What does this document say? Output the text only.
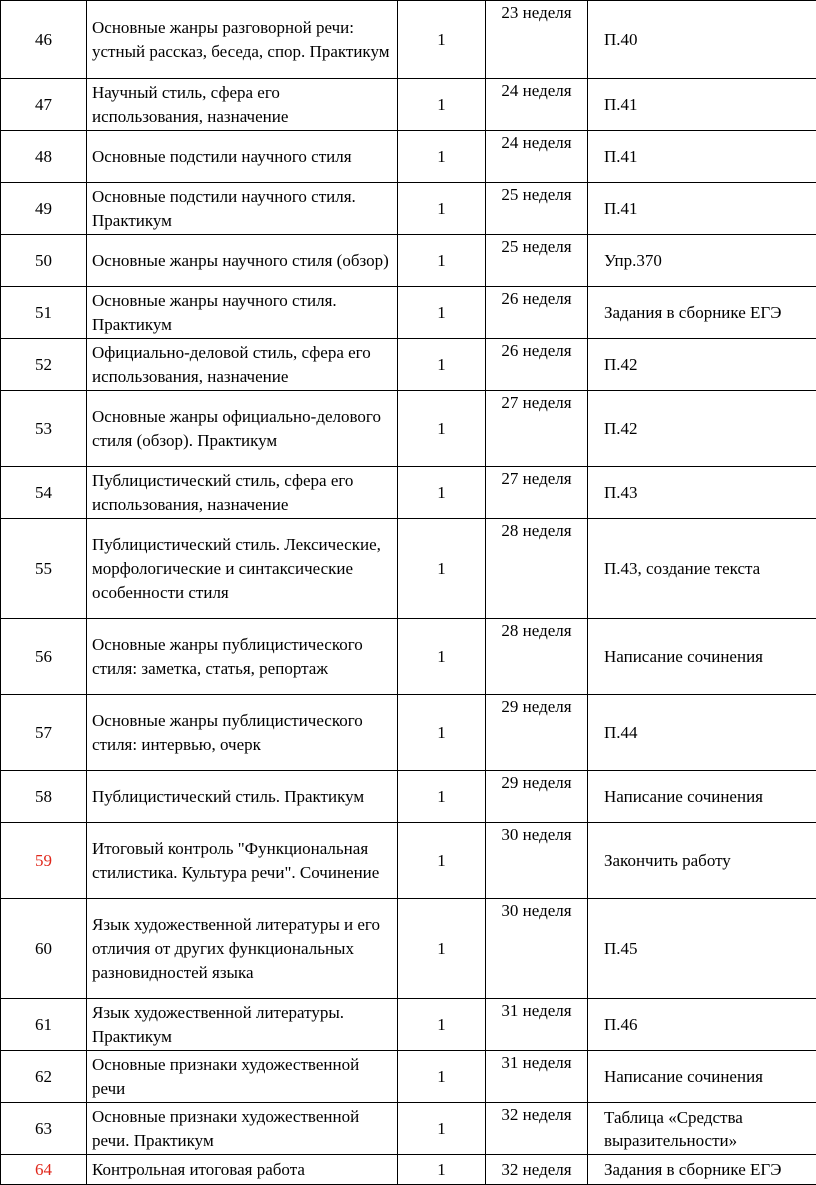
46	Основные жанры разговорной речи: устный рассказ, беседа, спор. Практикум	1	23 неделя	П.40
47	Научный стиль, сфера его использования, назначение	1	24 неделя	П.41
48	Основные подстили научного стиля	1	24 неделя	П.41
49	Основные подстили научного стиля. Практикум	1	25 неделя	П.41
50	Основные жанры научного стиля (обзор)	1	25 неделя	Упр.370
51	Основные жанры научного стиля. Практикум	1	26 неделя	Задания в сборнике ЕГЭ
52	Официально-деловой стиль, сфера его использования, назначение	1	26 неделя	П.42
53	Основные жанры официально-делового стиля (обзор). Практикум	1	27 неделя	П.42
54	Публицистический стиль, сфера его использования, назначение	1	27 неделя	П.43
55	Публицистический стиль. Лексические, морфологические и синтаксические особенности стиля	1	28 неделя	П.43, создание текста
56	Основные жанры публицистического стиля: заметка, статья, репортаж	1	28 неделя	Написание сочинения
57	Основные жанры публицистического стиля: интервью, очерк	1	29 неделя	П.44
58	Публицистический стиль. Практикум	1	29 неделя	Написание сочинения
59	Итоговый контроль "Функциональная стилистика. Культура речи". Сочинение	1	30 неделя	Закончить работу
60	Язык художественной литературы и его отличия от других функциональных разновидностей языка	1	30 неделя	П.45
61	Язык художественной литературы. Практикум	1	31 неделя	П.46
62	Основные признаки художественной речи	1	31 неделя	Написание сочинения
63	Основные признаки художественной речи. Практикум	1	32 неделя	Таблица «Средства выразительности»
64	Контрольная итоговая работа	1	32 неделя	Задания в сборнике ЕГЭ
